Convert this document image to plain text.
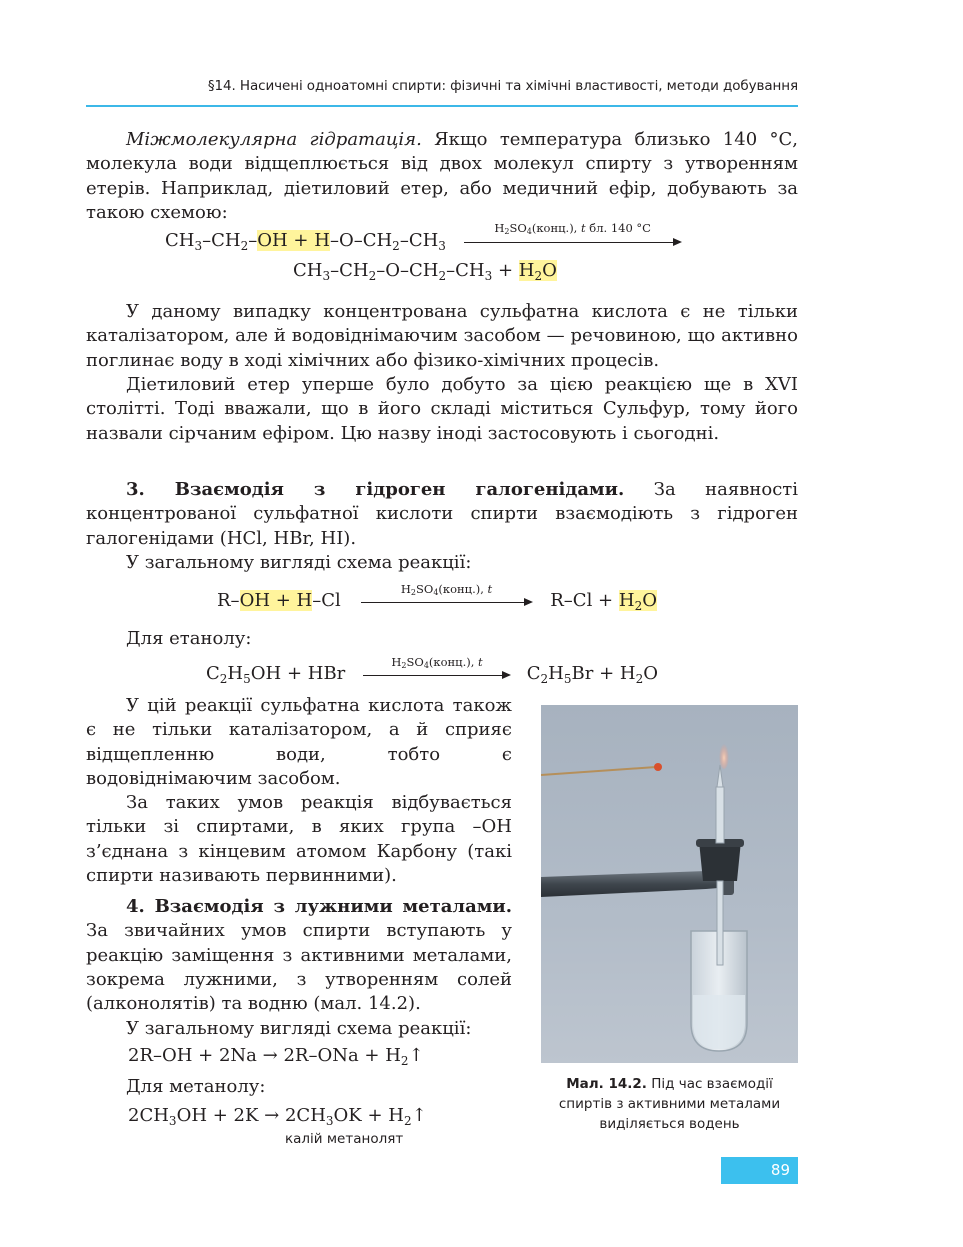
§14. Насичені одноатомні спирти: фізичні та хімічні властивості, методи добування

Міжмолекулярна гідратація. Якщо температура близько 140 °С, молекула води відщеплюється від двох молекул спирту з утворенням етерів. Наприклад, діетиловий етер, або медичний ефір, добувають за такою схемою:

$CH_3-CH_2-OH + H-O-CH_2-CH_3$
$H_2SO_4(конц.)$, t бл. 140 °C
$CH_3-CH_2-O-CH_2-CH_3 + H_2O$

У даному випадку концентрована сульфатна кислота є не тільки каталізатором, але й водовіднімаючим засобом — речовиною, що активно поглинає воду в ході хімічних або фізико-хімічних процесів.

Діетиловий етер уперше було добуто за цією реакцією ще в XVI столітті. Тоді вважали, що в його складі міститься Сульфур, тому його назвали сірчаним ефіром. Цю назву іноді застосовують і сьогодні.

3. Взаємодія з гідроген галогенідами. За наявності концентрованої сульфатної кислоти спирти взаємодіють з гідроген галогенідами (HCl, HBr, HI).

У загальному вигляді схема реакції:

R–OH + H–Cl
$H_2SO_4(конц.)$, t
$R-Cl + H_2O$

Для етанолу:

$C_2H_5OH$ + HBr
$H_2SO_4(конц.)$, t
$C_2H_5Br + H_2O$

У цій реакції сульфатна кислота також є не тільки каталізатором, а й сприяє відщепленню води, тобто є водовіднімаючим засобом.

За таких умов реакція відбувається тільки зі спиртами, в яких група –OH з’єднана з кінцевим атомом Карбону (такі спирти називають первинними).

4. Взаємодія з лужними металами. За звичайних умов спирти вступають у реакцію заміщення з активними металами, зокрема лужними, з утворенням солей (алконолятів) та водню (мал. 14.2).

У загальному вигляді схема реакції:

$2R-OH + 2Na \to 2R-ONa + H_2↑$

Для метанолу:

$2CH_3OH + 2K \to 2CH_3OK$ + $H_2↑$
калій метанолят
Мал. 14.2. Під час взаємодії спиртів з активними металами виділяється водень
89
